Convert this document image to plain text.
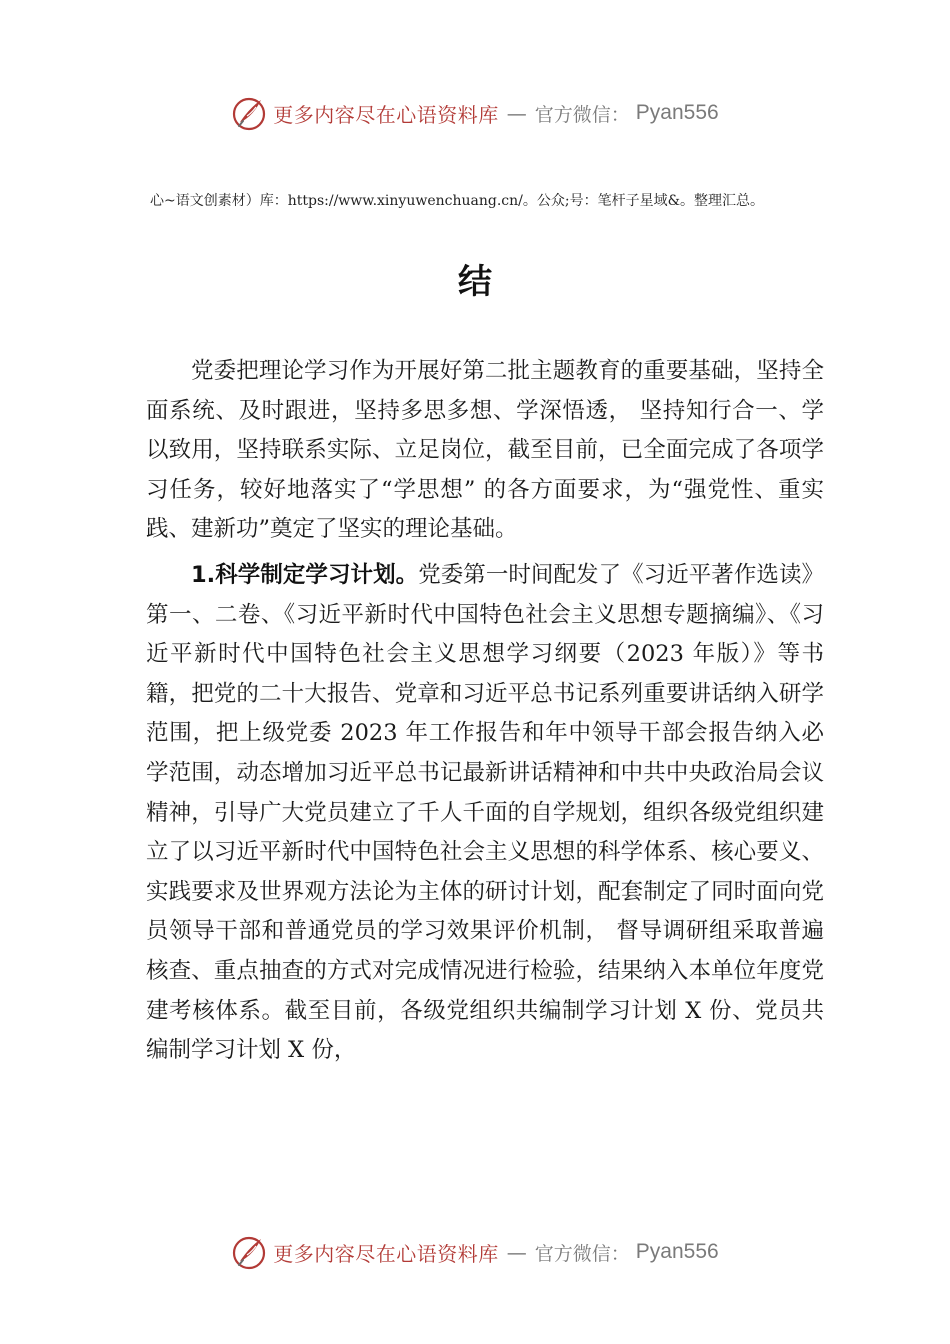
更多内容尽在心语资料库 — 官方微信： Pyan556
心~语文创素材）库：https://www.xinyuwenchuang.cn/。公众;号：笔杆子星域&。整理汇总。
结

党委把理论学习作为开展好第二批主题教育的重要基础，坚持全面系统、及时跟进，坚持多思多想、学深悟透， 坚持知行合一、学以致用，坚持联系实际、立足岗位，截至目前，已全面完成了各项学习任务，较好地落实了“学思想” 的各方面要求，为“强党性、重实践、建新功”奠定了坚实的理论基础。

1.科学制定学习计划。党委第一时间配发了《习近平著作选读》第一、二卷、《习近平新时代中国特色社会主义思想专题摘编》、《习近平新时代中国特色社会主义思想学习纲要（2023 年版）》等书籍，把党的二十大报告、党章和习近平总书记系列重要讲话纳入研学范围，把上级党委 2023 年工作报告和年中领导干部会报告纳入必学范围，动态增加习近平总书记最新讲话精神和中共中央政治局会议精神，引导广大党员建立了千人千面的自学规划，组织各级党组织建立了以习近平新时代中国特色社会主义思想的科学体系、核心要义、实践要求及世界观方法论为主体的研讨计划，配套制定了同时面向党员领导干部和普通党员的学习效果评价机制， 督导调研组采取普遍核查、重点抽查的方式对完成情况进行检验，结果纳入本单位年度党建考核体系。截至目前，各级党组织共编制学习计划 X 份、党员共编制学习计划 X 份，

更多内容尽在心语资料库 — 官方微信： Pyan556
